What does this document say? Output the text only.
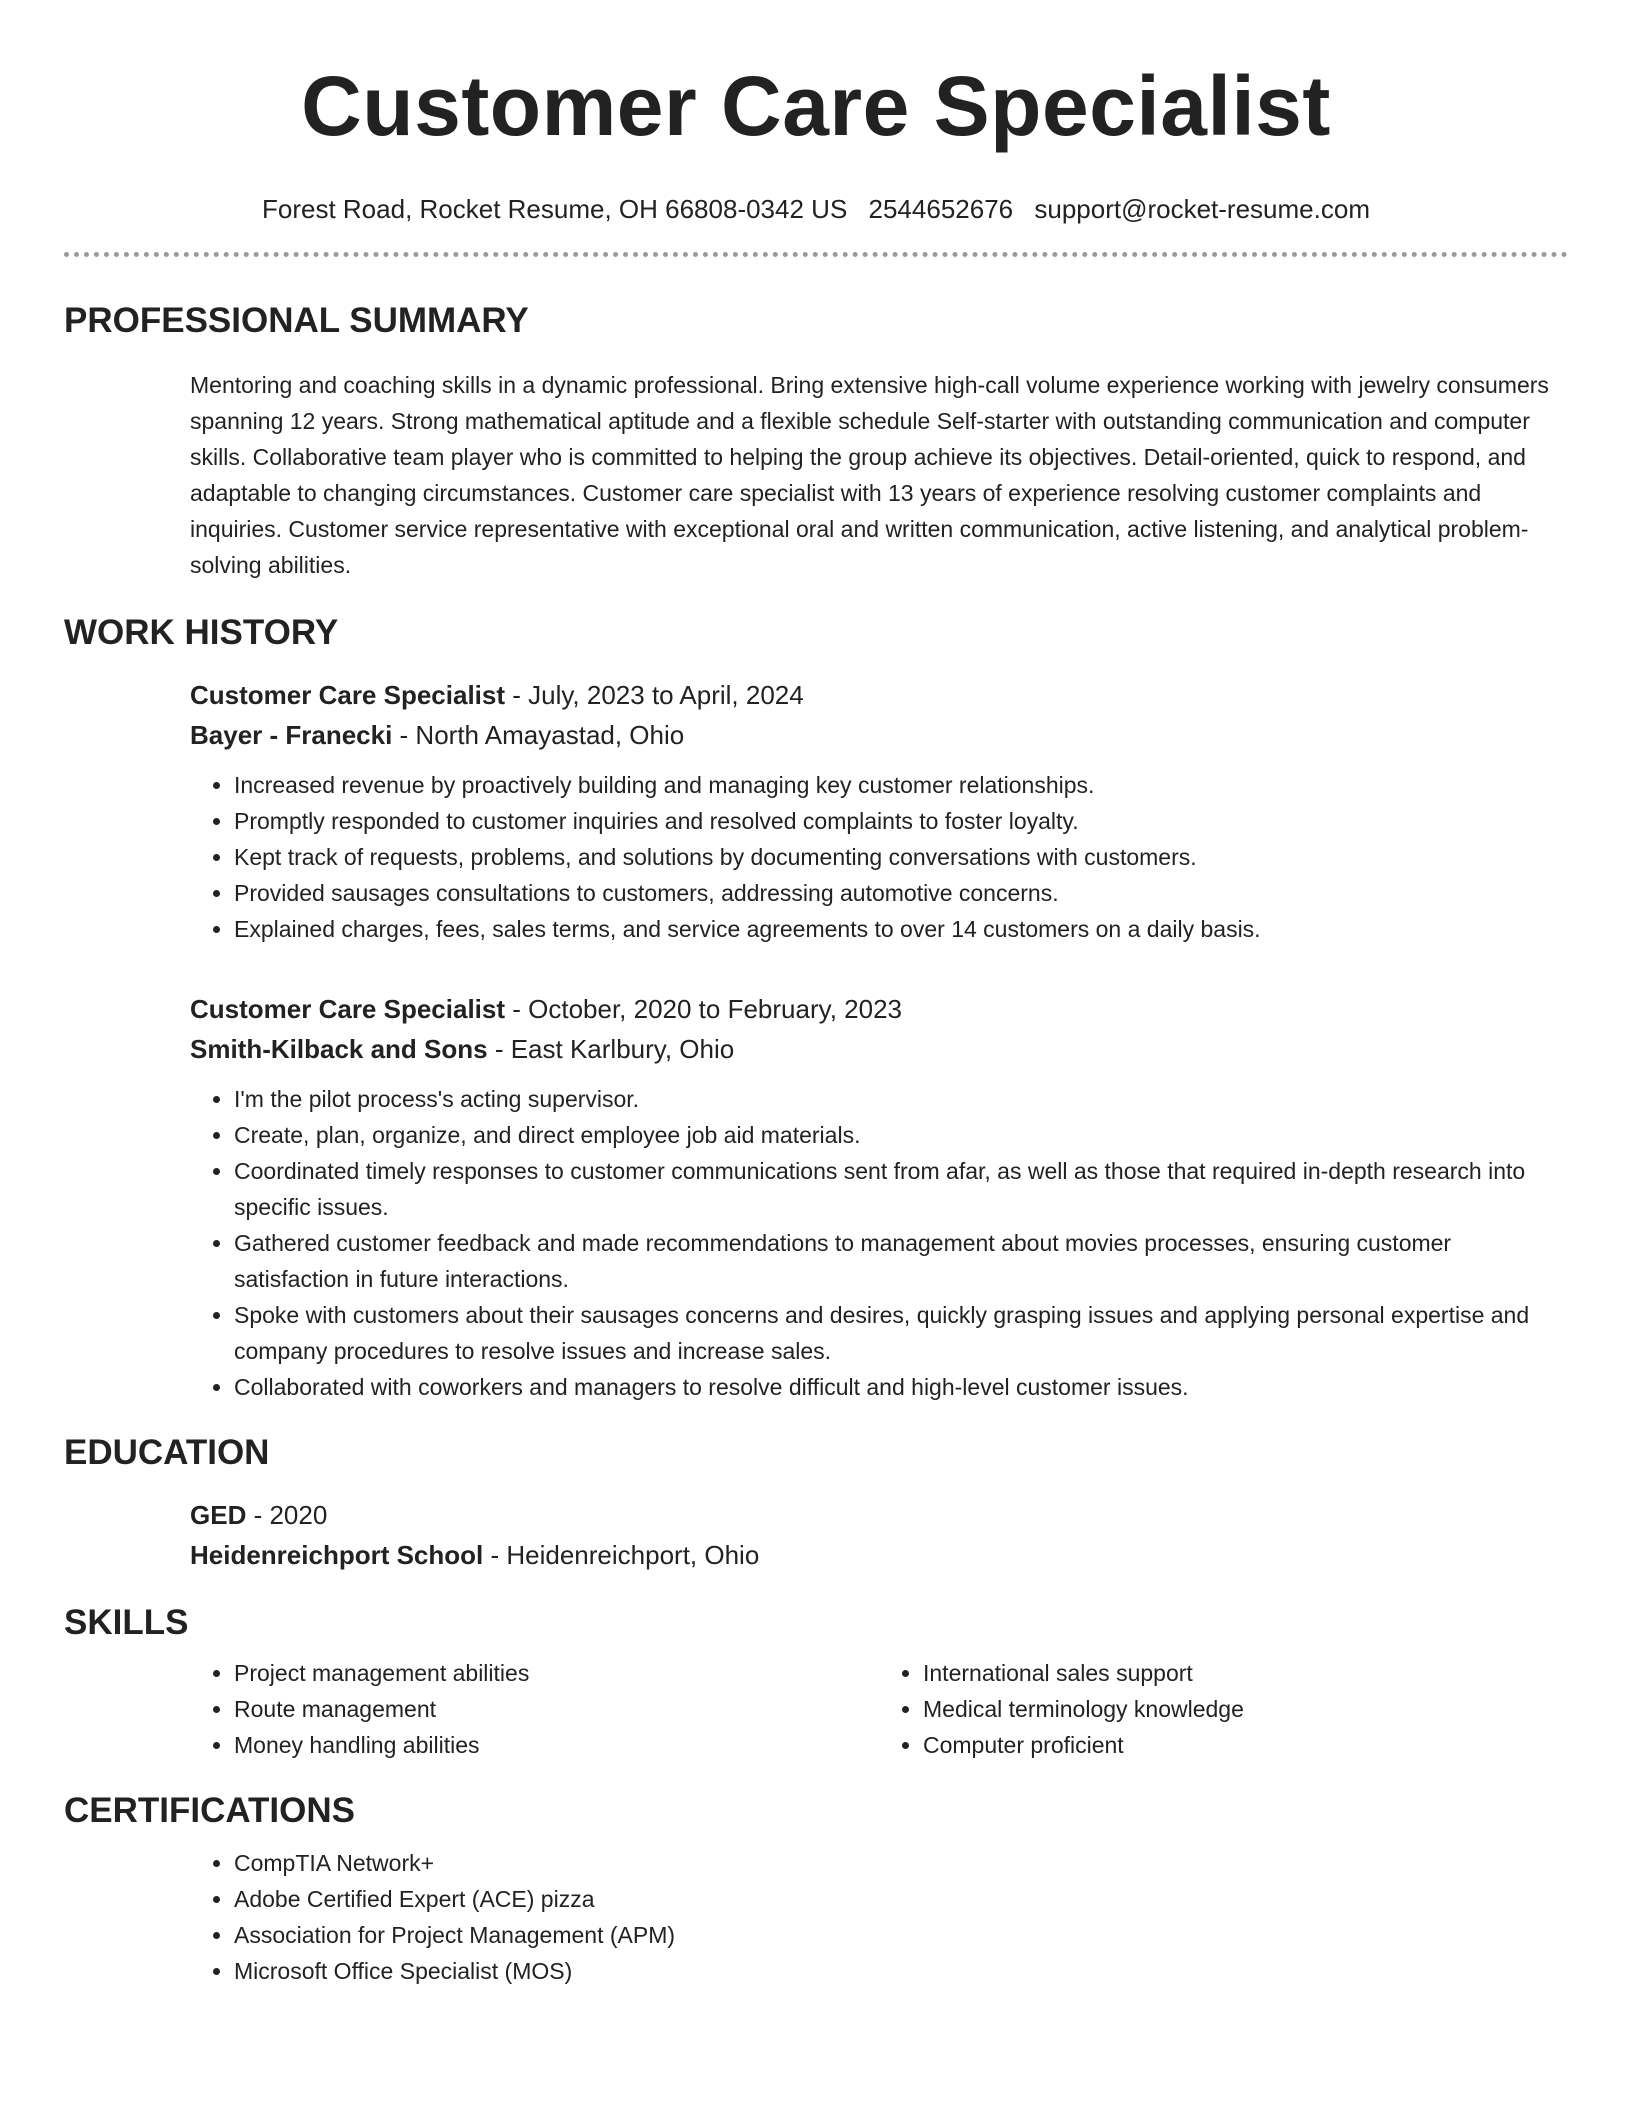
Customer Care Specialist
Forest Road, Rocket Resume, OH 66808-0342 US 2544652676 support@rocket-resume.com
PROFESSIONAL SUMMARY

Mentoring and coaching skills in a dynamic professional. Bring extensive high-call volume experience working with jewelry consumers spanning 12 years. Strong mathematical aptitude and a flexible schedule Self-starter with outstanding communication and computer skills. Collaborative team player who is committed to helping the group achieve its objectives. Detail-oriented, quick to respond, and adaptable to changing circumstances. Customer care specialist with 13 years of experience resolving customer complaints and inquiries. Customer service representative with exceptional oral and written communication, active listening, and analytical problem-solving abilities.

WORK HISTORY

Customer Care Specialist - July, 2023 to April, 2024

Bayer - Franecki - North Amayastad, Ohio

• Increased revenue by proactively building and managing key customer relationships.
• Promptly responded to customer inquiries and resolved complaints to foster loyalty.
• Kept track of requests, problems, and solutions by documenting conversations with customers.
• Provided sausages consultations to customers, addressing automotive concerns.
• Explained charges, fees, sales terms, and service agreements to over 14 customers on a daily basis.

Customer Care Specialist - October, 2020 to February, 2023

Smith-Kilback and Sons - East Karlbury, Ohio

• I'm the pilot process's acting supervisor.
• Create, plan, organize, and direct employee job aid materials.
• Coordinated timely responses to customer communications sent from afar, as well as those that required in-depth research into specific issues.
• Gathered customer feedback and made recommendations to management about movies processes, ensuring customer satisfaction in future interactions.
• Spoke with customers about their sausages concerns and desires, quickly grasping issues and applying personal expertise and company procedures to resolve issues and increase sales.
• Collaborated with coworkers and managers to resolve difficult and high-level customer issues.
EDUCATION

GED - 2020

Heidenreichport School - Heidenreichport, Ohio

SKILLS
• Project management abilities
• Route management
• Money handling abilities
• International sales support
• Medical terminology knowledge
• Computer proficient
CERTIFICATIONS
• CompTIA Network+
• Adobe Certified Expert (ACE) pizza
• Association for Project Management (APM)
• Microsoft Office Specialist (MOS)
